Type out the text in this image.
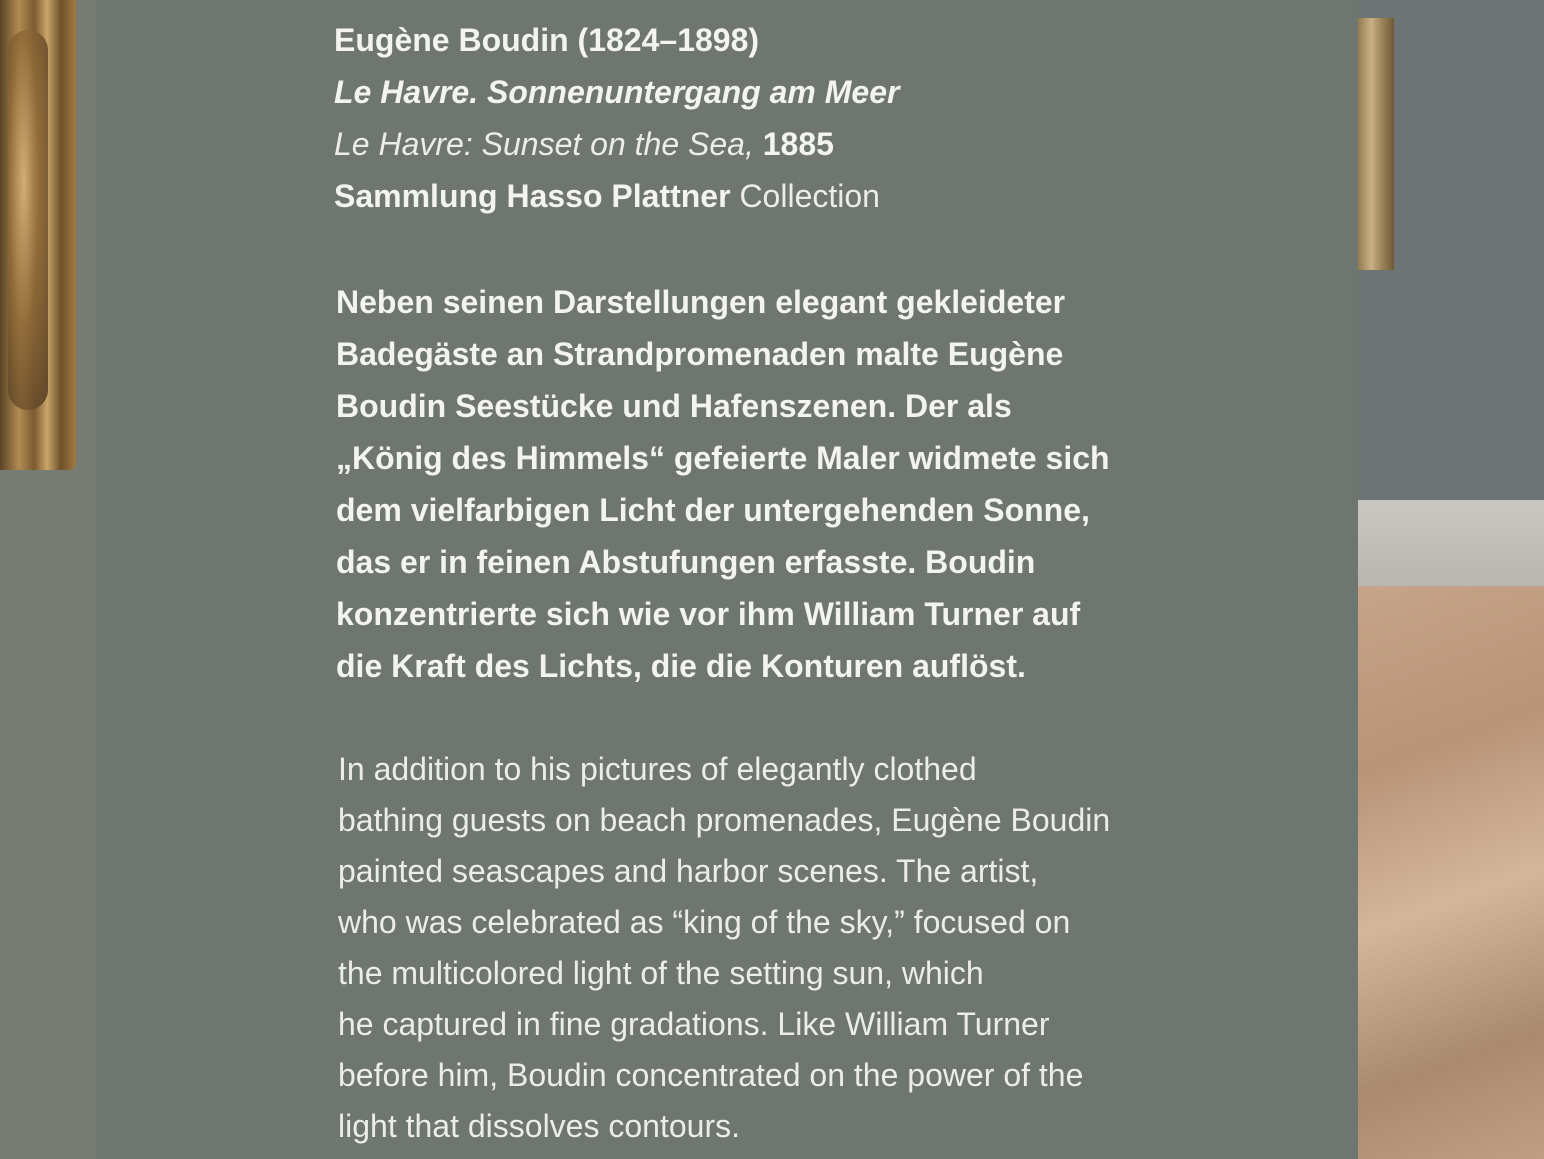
Eugène Boudin (1824–1898)
Le Havre. Sonnenuntergang am Meer
Le Havre: Sunset on the Sea, 1885
Sammlung Hasso Plattner Collection
Neben seinen Darstellungen elegant gekleideter
Badegäste an Strandpromenaden malte Eugène
Boudin Seestücke und Hafenszenen. Der als
„König des Himmels“ gefeierte Maler widmete sich
dem vielfarbigen Licht der untergehenden Sonne,
das er in feinen Abstufungen erfasste. Boudin
konzentrierte sich wie vor ihm William Turner auf
die Kraft des Lichts, die die Konturen auflöst.
In addition to his pictures of elegantly clothed
bathing guests on beach promenades, Eugène Boudin
painted seascapes and harbor scenes. The artist,
who was celebrated as “king of the sky,” focused on
the multicolored light of the setting sun, which
he captured in fine gradations. Like William Turner
before him, Boudin concentrated on the power of the
light that dissolves contours.
